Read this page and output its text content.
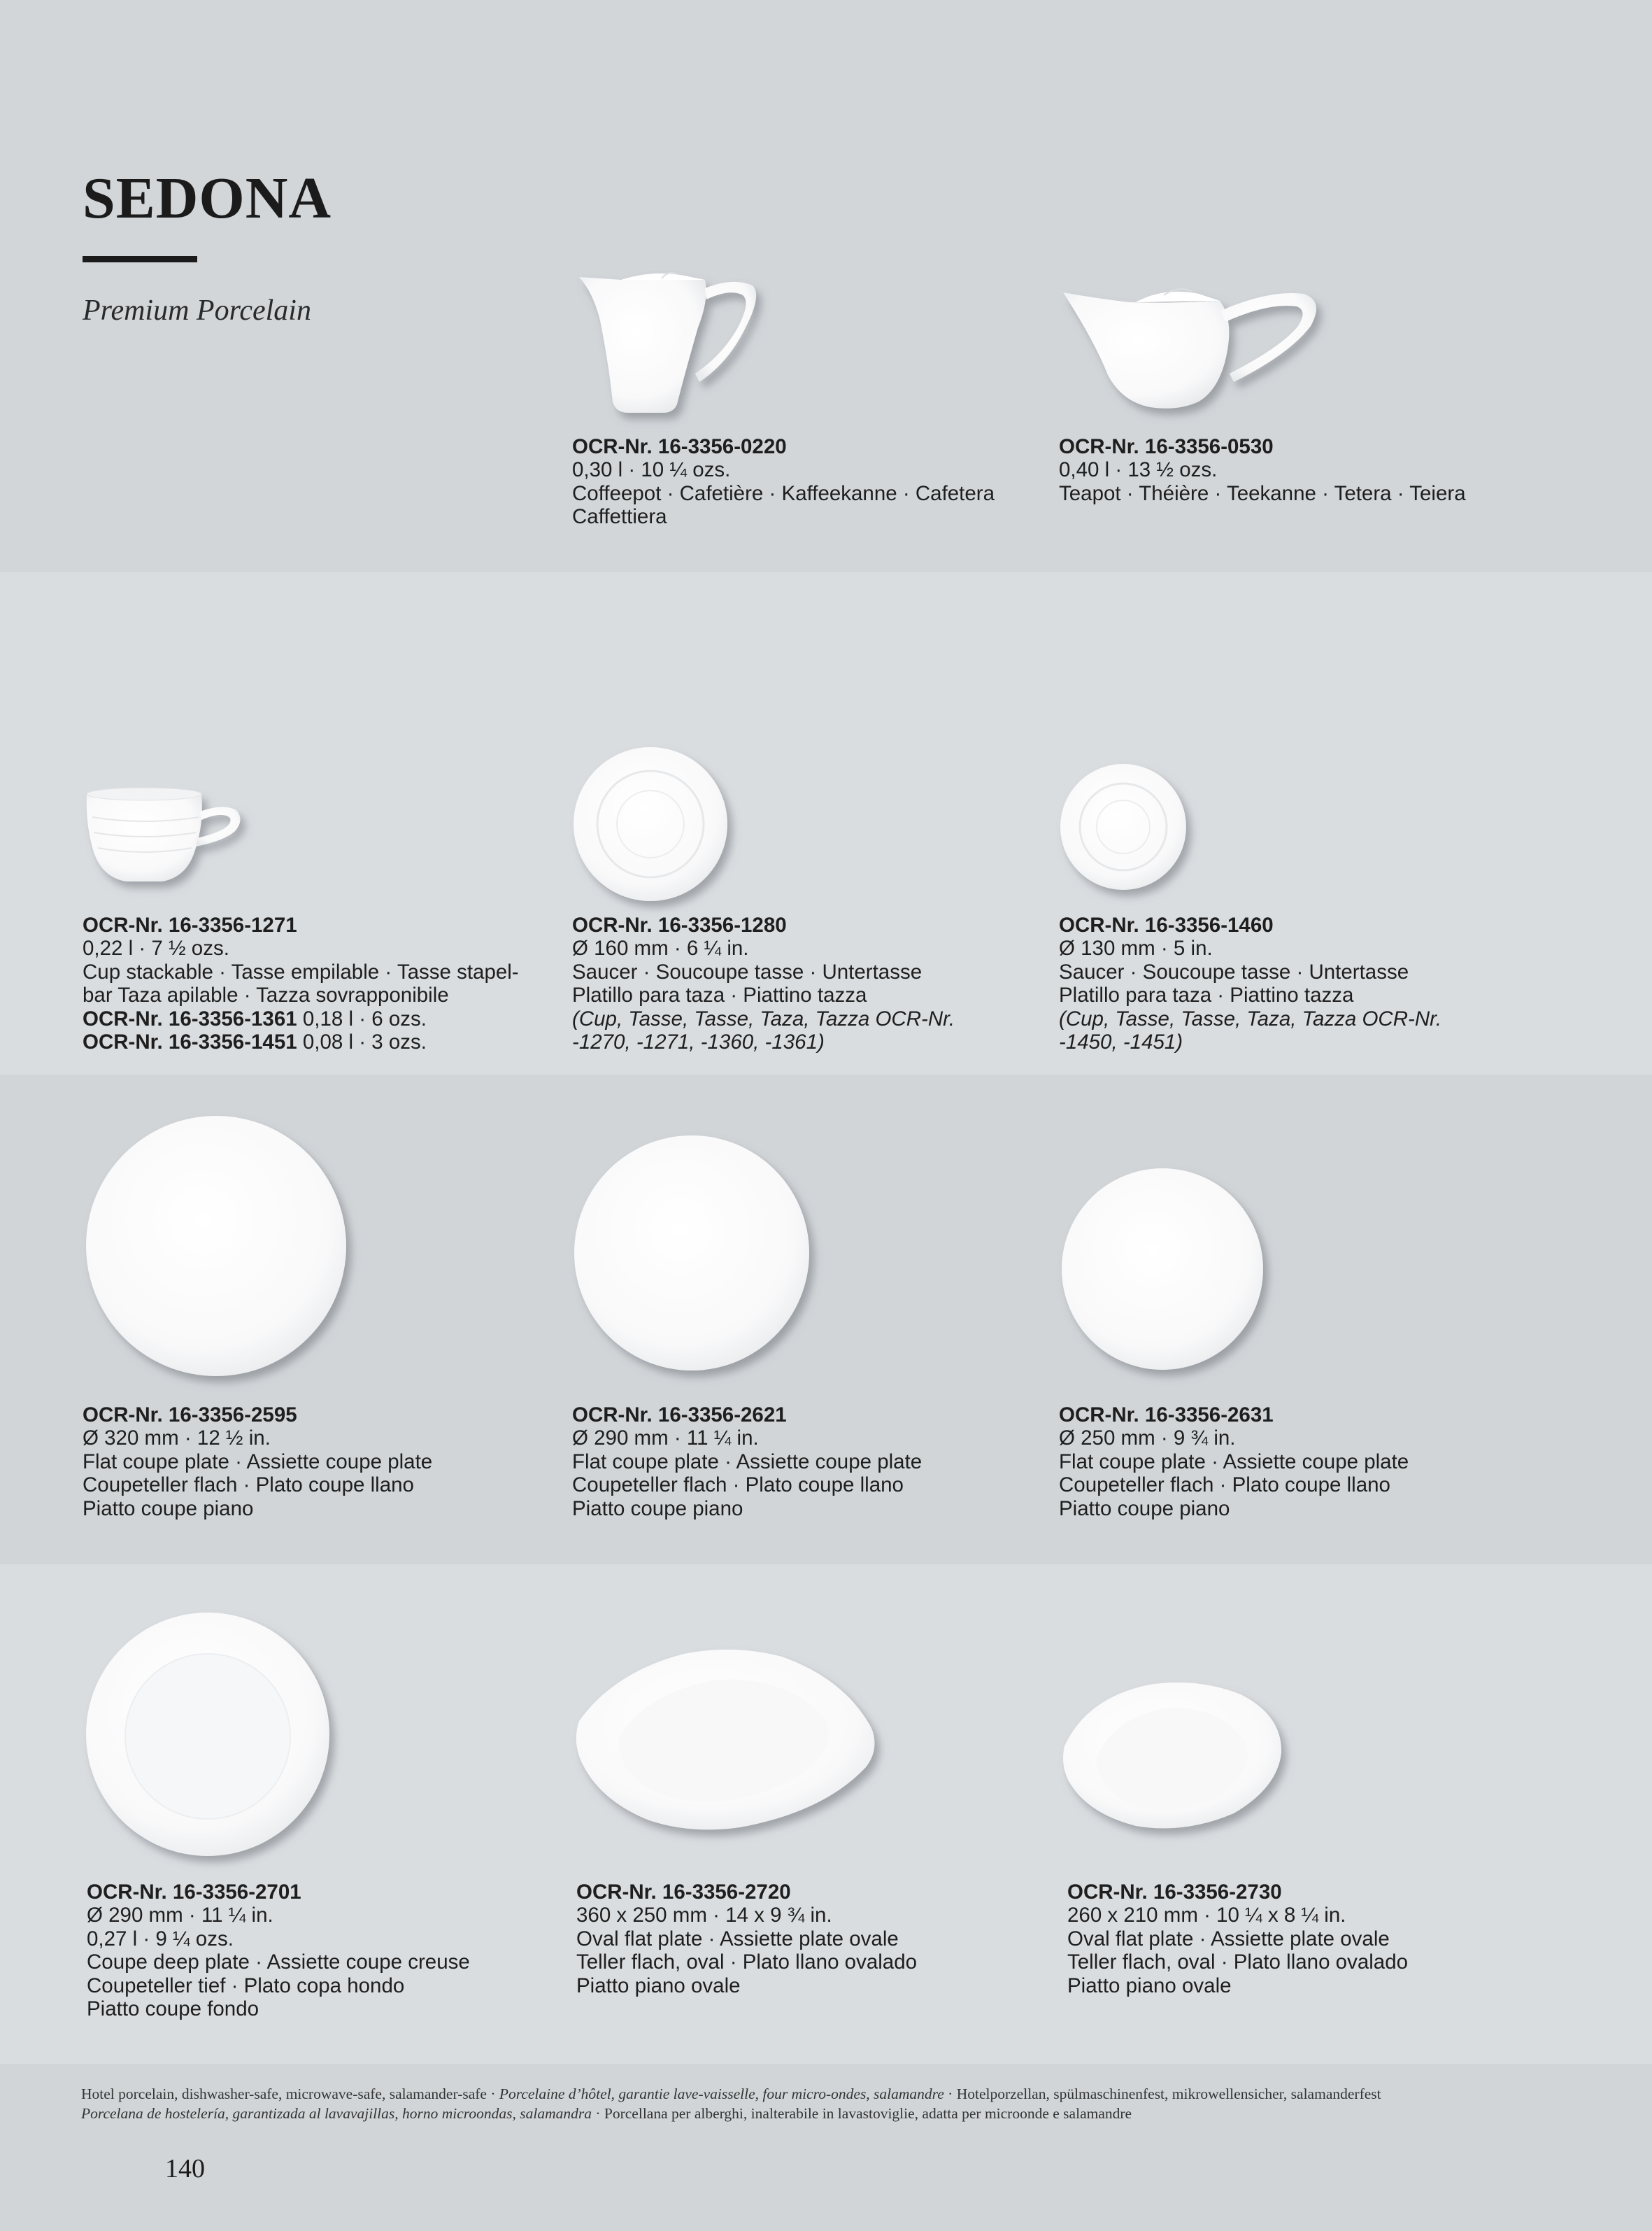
SEDONA
Premium Porcelain
OCR-Nr. 16-3356-0220
0,30 l · 10 ¼ ozs.
Coffeepot · Cafetière · Kaffeekanne · Cafetera
Caffettiera
OCR-Nr. 16-3356-0530
0,40 l · 13 ½ ozs.
Teapot · Théière · Teekanne · Tetera · Teiera
OCR-Nr. 16-3356-1271
0,22 l · 7 ½ ozs.
Cup stackable · Tasse empilable · Tasse stapel-
bar Taza apilable · Tazza sovrapponibile
OCR-Nr. 16-3356-1361 0,18 l · 6 ozs.
OCR-Nr. 16-3356-1451 0,08 l · 3 ozs.
OCR-Nr. 16-3356-1280
Ø 160 mm · 6 ¼ in.
Saucer · Soucoupe tasse · Untertasse
Platillo para taza · Piattino tazza
(Cup, Tasse, Tasse, Taza, Tazza OCR-Nr.
-1270, -1271, -1360, -1361)
OCR-Nr. 16-3356-1460
Ø 130 mm · 5 in.
Saucer · Soucoupe tasse · Untertasse
Platillo para taza · Piattino tazza
(Cup, Tasse, Tasse, Taza, Tazza OCR-Nr.
-1450, -1451)
OCR-Nr. 16-3356-2595
Ø 320 mm · 12 ½ in.
Flat coupe plate · Assiette coupe plate
Coupeteller flach · Plato coupe llano
Piatto coupe piano
OCR-Nr. 16-3356-2621
Ø 290 mm · 11 ¼ in.
Flat coupe plate · Assiette coupe plate
Coupeteller flach · Plato coupe llano
Piatto coupe piano
OCR-Nr. 16-3356-2631
Ø 250 mm · 9 ¾ in.
Flat coupe plate · Assiette coupe plate
Coupeteller flach · Plato coupe llano
Piatto coupe piano
OCR-Nr. 16-3356-2701
Ø 290 mm · 11 ¼ in.
0,27 l · 9 ¼ ozs.
Coupe deep plate · Assiette coupe creuse
Coupeteller tief · Plato copa hondo
Piatto coupe fondo
OCR-Nr. 16-3356-2720
360 x 250 mm · 14 x 9 ¾ in.
Oval flat plate · Assiette plate ovale
Teller flach, oval · Plato llano ovalado
Piatto piano ovale
OCR-Nr. 16-3356-2730
260 x 210 mm · 10 ¼ x 8 ¼ in.
Oval flat plate · Assiette plate ovale
Teller flach, oval · Plato llano ovalado
Piatto piano ovale
Hotel porcelain, dishwasher-safe, microwave-safe, salamander-safe · Porcelaine d’hôtel, garantie lave-vaisselle, four micro-ondes, salamandre · Hotelporzellan, spülmaschinenfest, mikrowellensicher, salamanderfest
Porcelana de hostelería, garantizada al lavavajillas, horno microondas, salamandra · Porcellana per alberghi, inalterabile in lavastoviglie, adatta per microonde e salamandre
140
